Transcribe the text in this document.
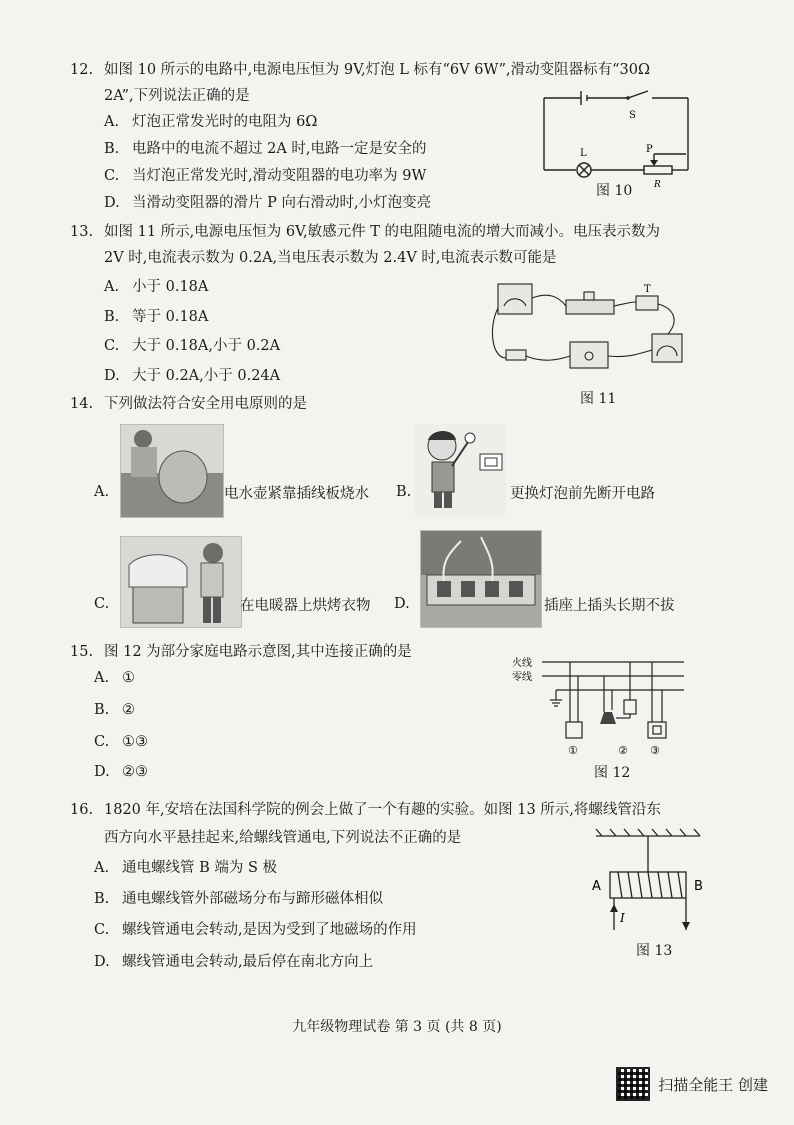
12. 如图 10 所示的电路中,电源电压恒为 9V,灯泡 L 标有“6V 6W”,滑动变阻器标有“30Ω
2A”,下列说法正确的是
A. 灯泡正常发光时的电阻为 6Ω
B. 电路中的电流不超过 2A 时,电路一定是安全的
C. 当灯泡正常发光时,滑动变阻器的电功率为 9W
D. 当滑动变阻器的滑片 P 向右滑动时,小灯泡变亮
S
L	P
R
图 10
13. 如图 11 所示,电源电压恒为 6V,敏感元件 T 的电阻随电流的增大而减小。电压表示数为
2V 时,电流表示数为 0.2A,当电压表示数为 2.4V 时,电流表示数可能是
A. 小于 0.18A
B. 等于 0.18A
C. 大于 0.18A,小于 0.2A
D. 大于 0.2A,小于 0.24A
T
图 11
14. 下列做法符合安全用电原则的是
A.	电水壶紧靠插线板烧水 B.	更换灯泡前先断开电路
C.	在电暖器上烘烤衣物 D.	插座上插头长期不拔
15. 图 12 为部分家庭电路示意图,其中连接正确的是
A. ①
B. ②
C. ①③
D. ②③
火线
零线
①	② ③
图 12
16. 1820 年,安培在法国科学院的例会上做了一个有趣的实验。如图 13 所示,将螺线管沿东
西方向水平悬挂起来,给螺线管通电,下列说法不正确的是
A. 通电螺线管 B 端为 S 极
B. 通电螺线管外部磁场分布与蹄形磁体相似
C. 螺线管通电会转动,是因为受到了地磁场的作用
D. 螺线管通电会转动,最后停在南北方向上
A	B
I
图 13
九年级物理试卷 第 3 页 (共 8 页)
扫描全能王 创建
